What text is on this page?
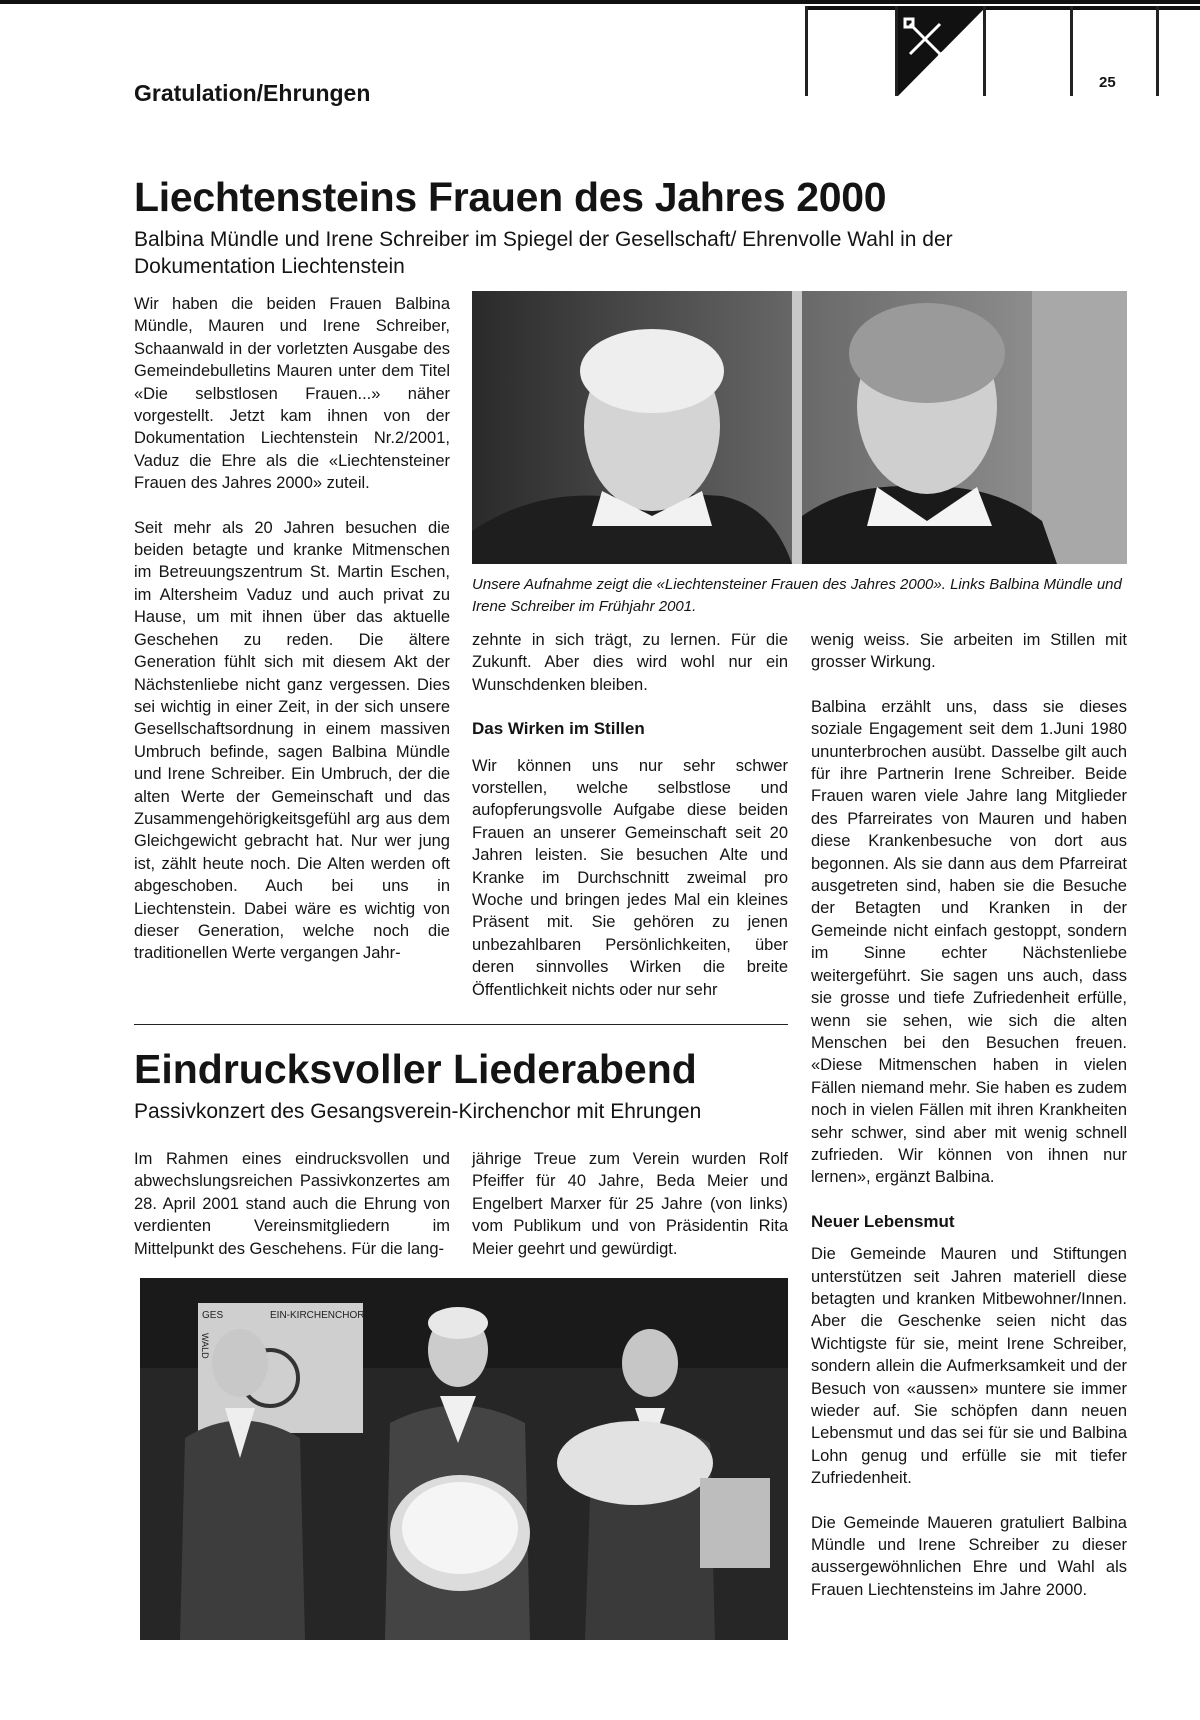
Gratulation/Ehrungen	25
Liechtensteins Frauen des Jahres 2000
Balbina Mündle und Irene Schreiber im Spiegel der Gesellschaft/ Ehrenvolle Wahl in der Dokumentation Liechtenstein

Wir haben die beiden Frauen Balbina Mündle, Mauren und Irene Schreiber, Schaanwald in der vorletzten Ausgabe des Gemeindebulletins Mauren unter dem Titel «Die selbstlosen Frauen...» näher vorgestellt. Jetzt kam ihnen von der Dokumentation Liechtenstein Nr.2/2001, Vaduz die Ehre als die «Liechtensteiner Frauen des Jahres 2000» zuteil.

Seit mehr als 20 Jahren besuchen die beiden betagte und kranke Mitmenschen im Betreuungszentrum St. Martin Eschen, im Altersheim Vaduz und auch privat zu Hause, um mit ihnen über das aktuelle Geschehen zu reden. Die ältere Generation fühlt sich mit diesem Akt der Nächstenliebe nicht ganz vergessen. Dies sei wichtig in einer Zeit, in der sich unsere Gesellschaftsordnung in einem massiven Umbruch befinde, sagen Balbina Mündle und Irene Schreiber. Ein Umbruch, der die alten Werte der Gemeinschaft und das Zusammengehörigkeitsgefühl arg aus dem Gleichgewicht gebracht hat. Nur wer jung ist, zählt heute noch. Die Alten werden oft abgeschoben. Auch bei uns in Liechtenstein. Dabei wäre es wichtig von dieser Generation, welche noch die traditionellen Werte vergangen Jahr-

Unsere Aufnahme zeigt die «Liechtensteiner Frauen des Jahres 2000». Links Balbina Mündle und Irene Schreiber im Frühjahr 2001.

zehnte in sich trägt, zu lernen. Für die Zukunft. Aber dies wird wohl nur ein Wunschdenken bleiben.

Das Wirken im Stillen

Wir können uns nur sehr schwer vorstellen, welche selbstlose und aufopferungsvolle Aufgabe diese beiden Frauen an unserer Gemeinschaft seit 20 Jahren leisten. Sie besuchen Alte und Kranke im Durchschnitt zweimal pro Woche und bringen jedes Mal ein kleines Präsent mit. Sie gehören zu jenen unbezahlbaren Persönlichkeiten, über deren sinnvolles Wirken die breite Öffentlichkeit nichts oder nur sehr

wenig weiss. Sie arbeiten im Stillen mit grosser Wirkung.

Balbina erzählt uns, dass sie dieses soziale Engagement seit dem 1.Juni 1980 ununterbrochen ausübt. Dasselbe gilt auch für ihre Partnerin Irene Schreiber. Beide Frauen waren viele Jahre lang Mitglieder des Pfarreirates von Mauren und haben diese Krankenbesuche von dort aus begonnen. Als sie dann aus dem Pfarreirat ausgetreten sind, haben sie die Besuche der Betagten und Kranken in der Gemeinde nicht einfach gestoppt, sondern im Sinne echter Nächstenliebe weitergeführt. Sie sagen uns auch, dass sie grosse und tiefe Zufriedenheit erfülle, wenn sie sehen, wie sich die alten Menschen bei den Besuchen freuen. «Diese Mitmenschen haben in vielen Fällen niemand mehr. Sie haben es zudem noch in vielen Fällen mit ihren Krankheiten sehr schwer, sind aber mit wenig schnell zufrieden. Wir können von ihnen nur lernen», ergänzt Balbina.

Neuer Lebensmut

Die Gemeinde Mauren und Stiftungen unterstützen seit Jahren materiell diese betagten und kranken Mitbewohner/Innen. Aber die Geschenke seien nicht das Wichtigste für sie, meint Irene Schreiber, sondern allein die Aufmerksamkeit und der Besuch von «aussen» muntere sie immer wieder auf. Sie schöpfen dann neuen Lebensmut und das sei für sie und Balbina Lohn genug und erfülle sie mit tiefer Zufriedenheit.

Die Gemeinde Maueren gratuliert Balbina Mündle und Irene Schreiber zu dieser aussergewöhnlichen Ehre und Wahl als Frauen Liechtensteins im Jahre 2000.

Eindrucksvoller Liederabend
Passivkonzert des Gesangsverein-Kirchenchor mit Ehrungen

Im Rahmen eines eindrucksvollen und abwechslungsreichen Passivkonzertes am 28. April 2001 stand auch die Ehrung von verdienten Vereinsmitgliedern im Mittelpunkt des Geschehens. Für die lang-

jährige Treue zum Verein wurden Rolf Pfeiffer für 40 Jahre, Beda Meier und Engelbert Marxer für 25 Jahre (von links) vom Publikum und von Präsidentin Rita Meier geehrt und gewürdigt.

GES	EIN-KIRCHENCHOR
WALD
